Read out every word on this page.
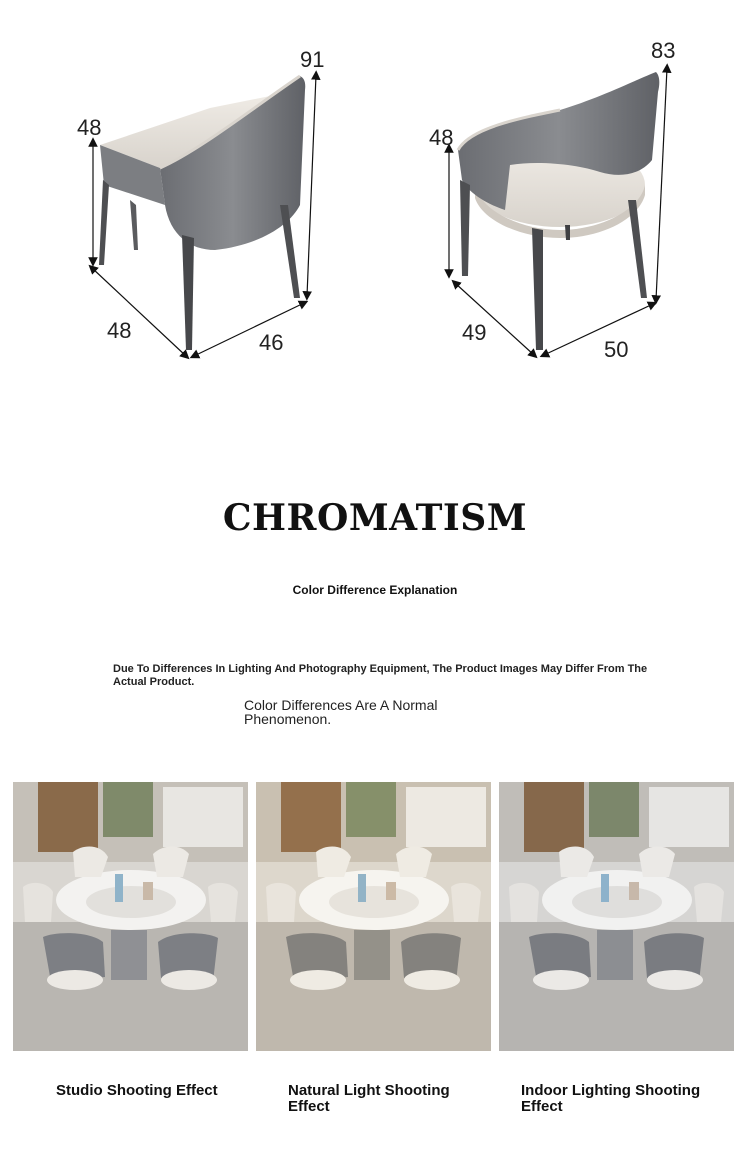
91
48
48	46
83
48
49
50
CHROMATISM
Color Difference Explanation
Due To Differences In Lighting And Photography Equipment, The Product Images May Differ From The Actual Product.
Color Differences Are A Normal Phenomenon.
Studio Shooting Effect	Natural Light Shooting Effect
Indoor Lighting Shooting Effect
